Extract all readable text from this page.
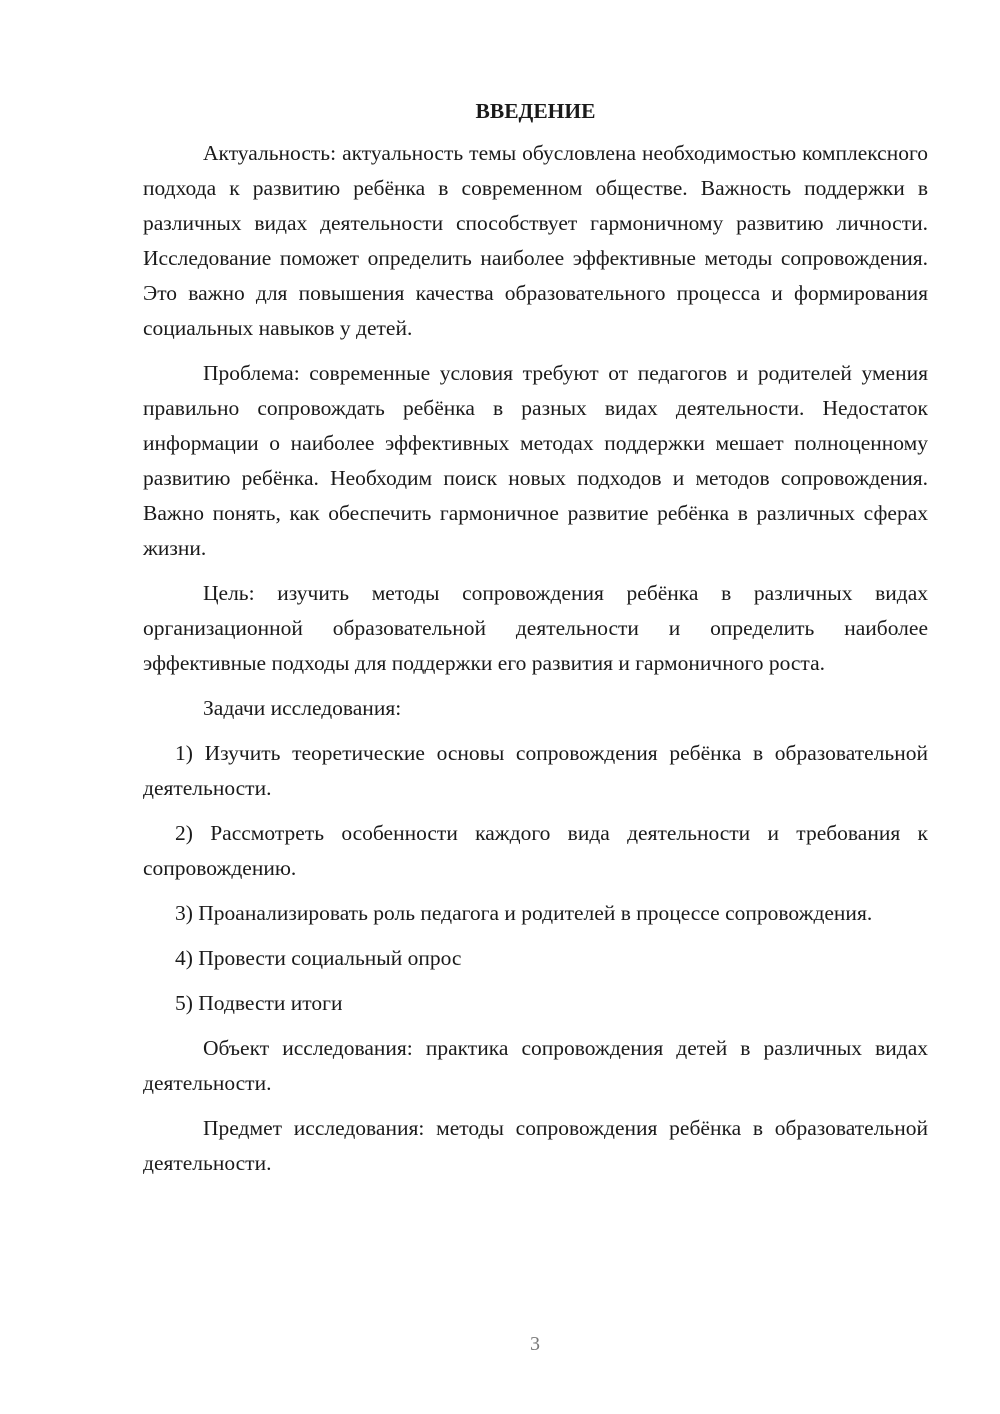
ВВЕДЕНИЕ

Актуальность: актуальность темы обусловлена необходимостью комплексного подхода к развитию ребёнка в современном обществе. Важность поддержки в различных видах деятельности способствует гармоничному развитию личности. Исследование поможет определить наиболее эффективные методы сопровождения. Это важно для повышения качества образовательного процесса и формирования социальных навыков у детей.

Проблема: современные условия требуют от педагогов и родителей умения правильно сопровождать ребёнка в разных видах деятельности. Недостаток информации о наиболее эффективных методах поддержки мешает полноценному развитию ребёнка. Необходим поиск новых подходов и методов сопровождения. Важно понять, как обеспечить гармоничное развитие ребёнка в различных сферах жизни.

Цель: изучить методы сопровождения ребёнка в различных видах организационной образовательной деятельности и определить наиболее эффективные подходы для поддержки его развития и гармоничного роста.

Задачи исследования:

1) Изучить теоретические основы сопровождения ребёнка в образовательной деятельности.

2) Рассмотреть особенности каждого вида деятельности и требования к сопровождению.

3) Проанализировать роль педагога и родителей в процессе сопровождения.

4) Провести социальный опрос

5) Подвести итоги

Объект исследования: практика сопровождения детей в различных видах деятельности.

Предмет исследования: методы сопровождения ребёнка в образовательной деятельности.

3
